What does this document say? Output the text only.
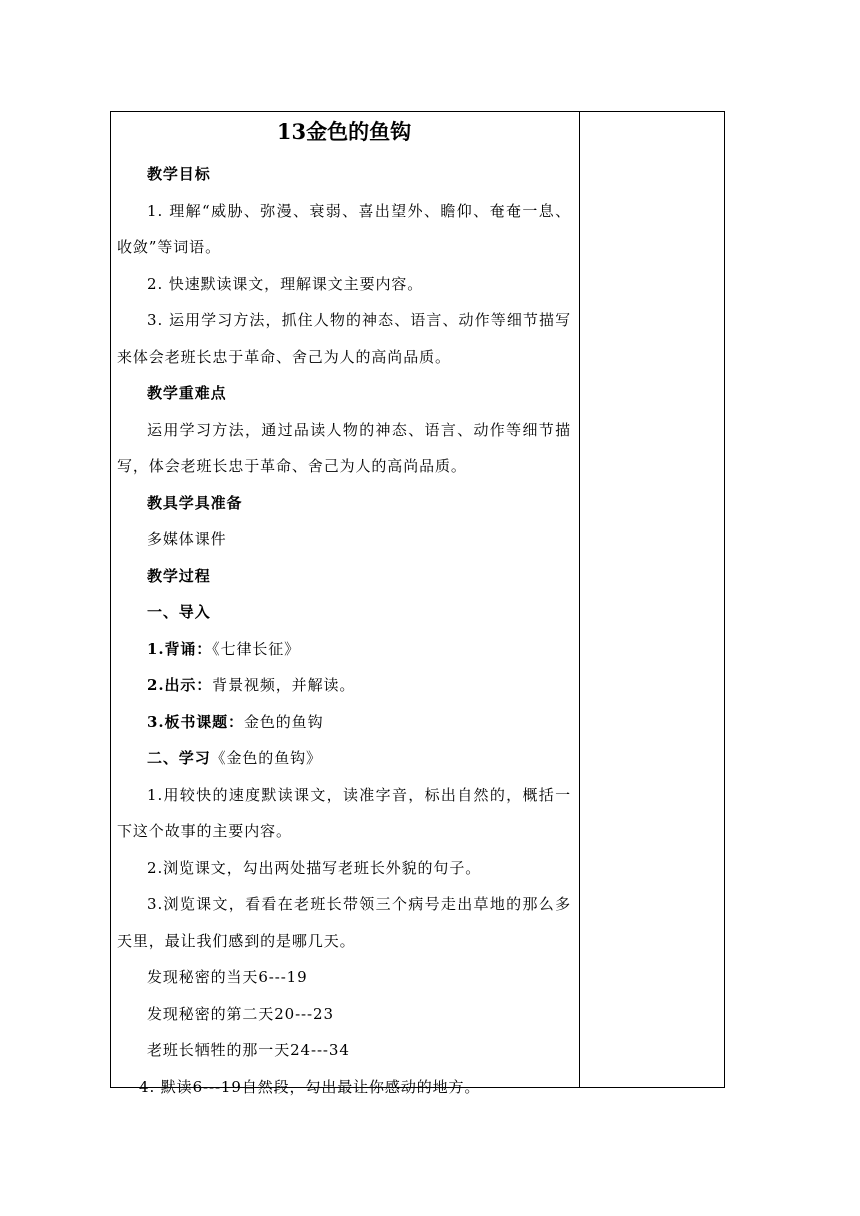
13金色的鱼钩

教学目标

1. 理解“威胁、弥漫、衰弱、喜出望外、瞻仰、奄奄一息、收敛”等词语。

2. 快速默读课文，理解课文主要内容。

3. 运用学习方法，抓住人物的神态、语言、动作等细节描写来体会老班长忠于革命、舍己为人的高尚品质。

教学重难点

运用学习方法，通过品读人物的神态、语言、动作等细节描写，体会老班长忠于革命、舍己为人的高尚品质。

教具学具准备

多媒体课件

教学过程

一、导入

1.背诵：《七律长征》

2.出示：背景视频，并解读。

3.板书课题：金色的鱼钩

二、学习《金色的鱼钩》

1.用较快的速度默读课文，读准字音，标出自然的，概括一下这个故事的主要内容。

2.浏览课文，勾出两处描写老班长外貌的句子。

3.浏览课文，看看在老班长带领三个病号走出草地的那么多天里，最让我们感到的是哪几天。

发现秘密的当天6---19

发现秘密的第二天20---23

老班长牺牲的那一天24---34

4. 默读6---19自然段，勾出最让你感动的地方。
